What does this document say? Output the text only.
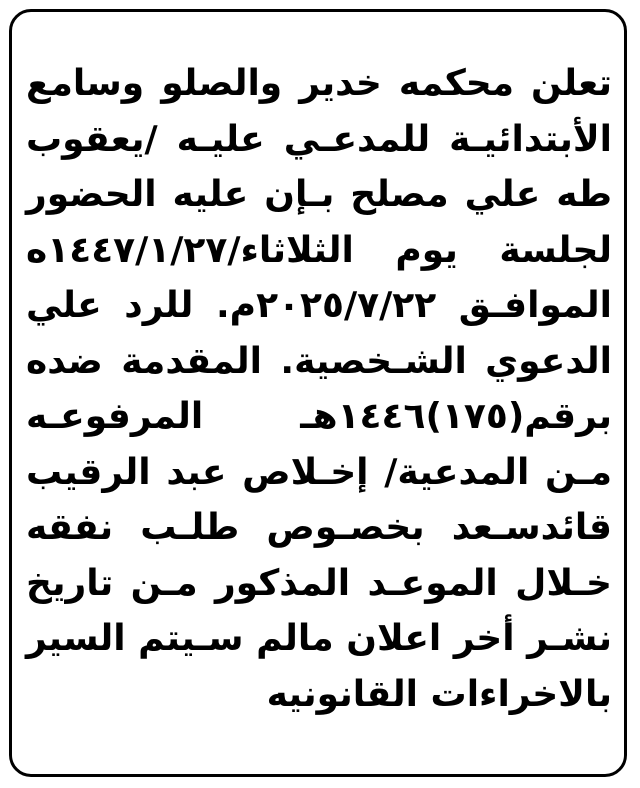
تعلن محكمه خدير والصلو وسامع
الأبتدائيـة للمدعـي عليـه /يعقوب
طه علي مصلح بـإن عليه الحضور
لجلسة يوم الثلاثاء/١٤٤٧/١/٢٧ه
الموافـق ٢٠٢٥/٧/٢٢م. للرد علي
الدعوي الشـخصية. المقدمة ضده
برقم(١٧٥)١٤٤٦هـ المرفوعـه
مـن المدعية/ إخـلاص عبد الرقيب
قائدسـعد بخصـوص طلـب نفقه
خـلال الموعـد المذكور مـن تاريخ
نشـر أخر اعلان مالم سـيتم السير
بالاخراءات القانونيه
